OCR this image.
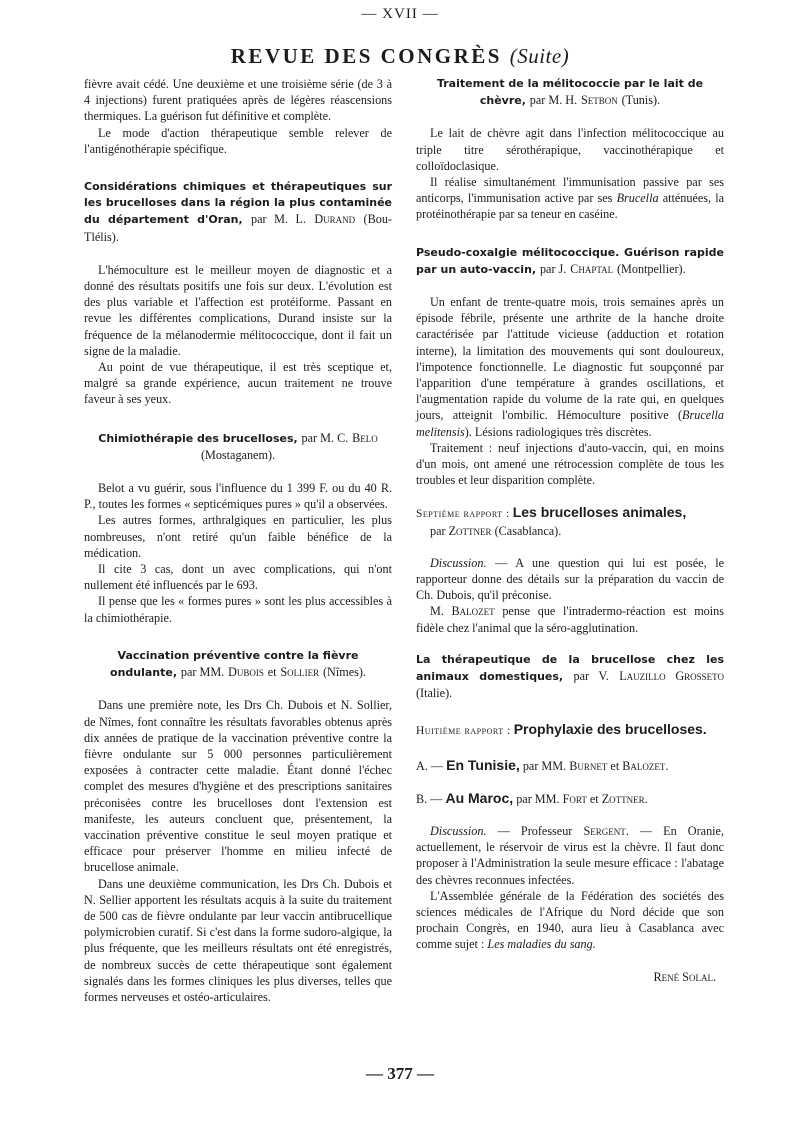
— XVII —
REVUE DES CONGRÈS (Suite)

fièvre avait cédé. Une deuxième et une troisième série (de 3 à 4 injections) furent pratiquées après de légères réascensions thermiques. La guérison fut définitive et complète.

Le mode d'action thérapeutique semble relever de l'antigénothérapie spécifique.

Considérations chimiques et thérapeutiques sur les brucelloses dans la région la plus contaminée du département d'Oran, par M. L. Durand (Bou-Tlélis).

L'hémoculture est le meilleur moyen de diagnostic et a donné des résultats positifs une fois sur deux. L'évolution est des plus variable et l'affection est protéiforme. Passant en revue les différentes complications, Durand insiste sur la fréquence de la mélanodermie mélitococcique, dont il fait un signe de la maladie.

Au point de vue thérapeutique, il est très sceptique et, malgré sa grande expérience, aucun traitement ne trouve faveur à ses yeux.

Chimiothérapie des brucelloses, par M. C. Belo (Mostaganem).

Belot a vu guérir, sous l'influence du 1 399 F. ou du 40 R. P., toutes les formes « septicémiques pures » qu'il a observées.

Les autres formes, arthralgiques en particulier, les plus nombreuses, n'ont retiré qu'un faible bénéfice de la médication.

Il cite 3 cas, dont un avec complications, qui n'ont nullement été influencés par le 693.

Il pense que les « formes pures » sont les plus accessibles à la chimiothérapie.

Vaccination préventive contre la fièvre ondulante, par MM. Dubois et Sollier (Nîmes).

Dans une première note, les Drs Ch. Dubois et N. Sollier, de Nîmes, font connaître les résultats favorables obtenus après dix années de pratique de la vaccination préventive contre la fièvre ondulante sur 5 000 personnes particulièrement exposées à contracter cette maladie. Étant donné l'échec complet des mesures d'hygiène et des prescriptions sanitaires préconisées contre les brucelloses dont l'extension est manifeste, les auteurs concluent que, présentement, la vaccination préventive constitue le seul moyen pratique et efficace pour préserver l'homme en milieu infecté de brucellose animale.

Dans une deuxième communication, les Drs Ch. Dubois et N. Sellier apportent les résultats acquis à la suite du traitement de 500 cas de fièvre ondulante par leur vaccin antibrucellique polymicrobien curatif. Si c'est dans la forme sudoro-algique, la plus fréquente, que les meilleurs résultats ont été enregistrés, de nombreux succès de cette thérapeutique sont également signalés dans les formes cliniques les plus diverses, telles que formes nerveuses et ostéo-articulaires.

Traitement de la mélitococcie par le lait de chèvre, par M. H. Setbon (Tunis).

Le lait de chèvre agit dans l'infection mélitococcique au triple titre sérothérapique, vaccinothérapique et colloïdoclasique.

Il réalise simultanément l'immunisation passive par ses anticorps, l'immunisation active par ses Brucella atténuées, la protéinothérapie par sa teneur en caséine.

Pseudo-coxalgie mélitococcique. Guérison rapide par un auto-vaccin, par J. Chaptal (Montpellier).

Un enfant de trente-quatre mois, trois semaines après un épisode fébrile, présente une arthrite de la hanche droite caractérisée par l'attitude vicieuse (adduction et rotation interne), la limitation des mouvements qui sont douloureux, l'impotence fonctionnelle. Le diagnostic fut soupçonné par l'apparition d'une température à grandes oscillations, et l'augmentation rapide du volume de la rate qui, en quelques jours, atteignit l'ombilic. Hémoculture positive (Brucella melitensis). Lésions radiologiques très discrètes.

Traitement : neuf injections d'auto-vaccin, qui, en moins d'un mois, ont amené une rétrocession complète de tous les troubles et leur disparition complète.

Septième rapport : Les brucelloses animales,
par Zottner (Casablanca).

Discussion. — A une question qui lui est posée, le rapporteur donne des détails sur la préparation du vaccin de Ch. Dubois, qu'il préconise.

M. Balozet pense que l'intradermo-réaction est moins fidèle chez l'animal que la séro-agglutination.

La thérapeutique de la brucellose chez les animaux domestiques, par V. Lauzillo Grosseto (Italie).
Huitième rapport : Prophylaxie des brucelloses.
A. — En Tunisie, par MM. Burnet et Balozet.
B. — Au Maroc, par MM. Fort et Zottner.

Discussion. — Professeur Sergent. — En Oranie, actuellement, le réservoir de virus est la chèvre. Il faut donc proposer à l'Administration la seule mesure efficace : l'abatage des chèvres reconnues infectées.

L'Assemblée générale de la Fédération des sociétés des sciences médicales de l'Afrique du Nord décide que son prochain Congrès, en 1940, aura lieu à Casablanca avec comme sujet : Les maladies du sang.

René Solal.

— 377 —
